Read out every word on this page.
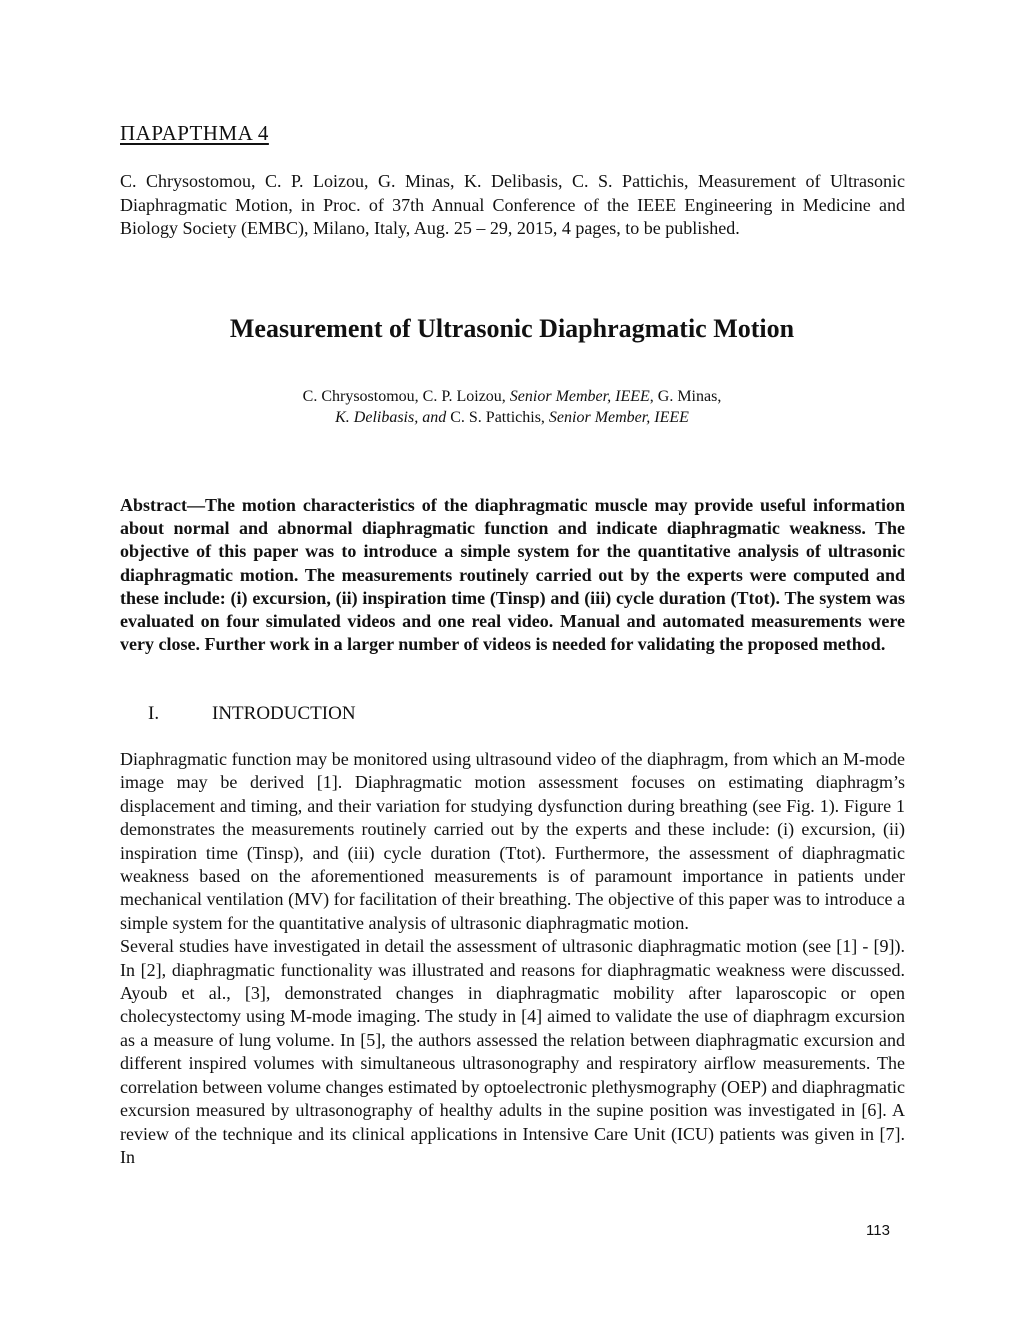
ΠΑΡΑΡΤΗΜΑ 4

C. Chrysostomou, C. P. Loizou, G. Minas, K. Delibasis, C. S. Pattichis, Measurement of Ultrasonic Diaphragmatic Motion, in Proc. of 37th Annual Conference of the IEEE Engineering in Medicine and Biology Society (EMBC), Milano, Italy, Aug. 25 – 29, 2015, 4 pages, to be published.

Measurement of Ultrasonic Diaphragmatic Motion
C. Chrysostomou, C. P. Loizou, Senior Member, IEEE, G. Minas,
K. Delibasis, and C. S. Pattichis, Senior Member, IEEE

Abstract—The motion characteristics of the diaphragmatic muscle may provide useful information about normal and abnormal diaphragmatic function and indicate diaphragmatic weakness. The objective of this paper was to introduce a simple system for the quantitative analysis of ultrasonic diaphragmatic motion. The measurements routinely carried out by the experts were computed and these include: (i) excursion, (ii) inspiration time (Tinsp) and (iii) cycle duration (Ttot). The system was evaluated on four simulated videos and one real video. Manual and automated measurements were very close. Further work in a larger number of videos is needed for validating the proposed method.

I.	INTRODUCTION

Diaphragmatic function may be monitored using ultrasound video of the diaphragm, from which an M-mode image may be derived [1]. Diaphragmatic motion assessment focuses on estimating diaphragm’s displacement and timing, and their variation for studying dysfunction during breathing (see Fig. 1). Figure 1 demonstrates the measurements routinely carried out by the experts and these include: (i) excursion, (ii) inspiration time (Tinsp), and (iii) cycle duration (Ttot). Furthermore, the assessment of diaphragmatic weakness based on the aforementioned measurements is of paramount importance in patients under mechanical ventilation (MV) for facilitation of their breathing. The objective of this paper was to introduce a simple system for the quantitative analysis of ultrasonic diaphragmatic motion.

Several studies have investigated in detail the assessment of ultrasonic diaphragmatic motion (see [1] - [9]). In [2], diaphragmatic functionality was illustrated and reasons for diaphragmatic weakness were discussed. Ayoub et al., [3], demonstrated changes in diaphragmatic mobility after laparoscopic or open cholecystectomy using M-mode imaging. The study in [4] aimed to validate the use of diaphragm excursion as a measure of lung volume. In [5], the authors assessed the relation between diaphragmatic excursion and different inspired volumes with simultaneous ultrasonography and respiratory airflow measurements. The correlation between volume changes estimated by optoelectronic plethysmography (OEP) and diaphragmatic excursion measured by ultrasonography of healthy adults in the supine position was investigated in [6]. A review of the technique and its clinical applications in Intensive Care Unit (ICU) patients was given in [7]. In

113
